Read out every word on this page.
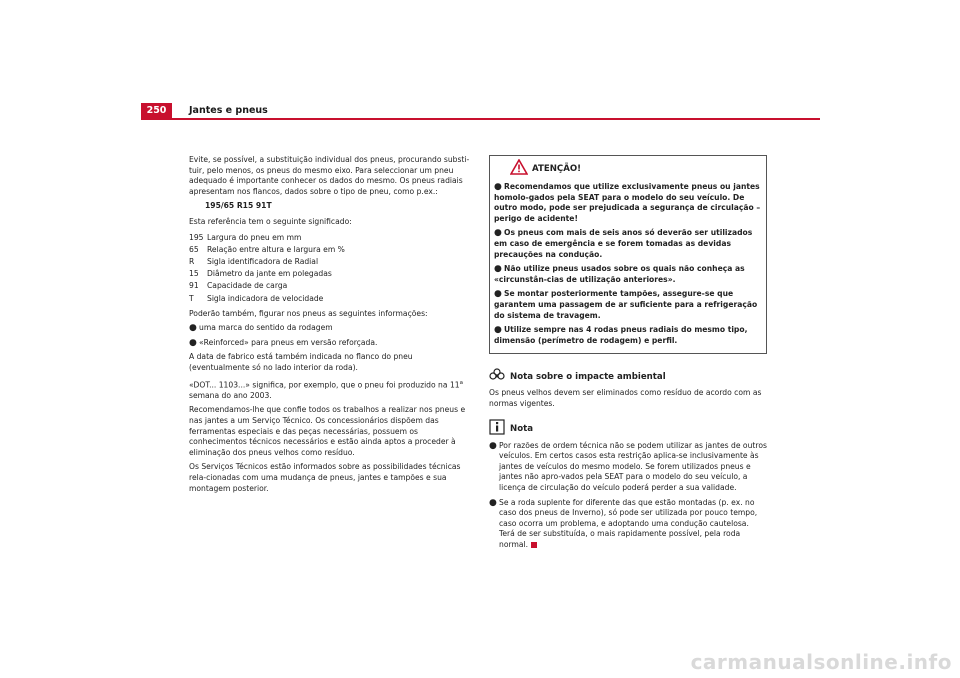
250	Jantes e pneus

Evite, se possível, a substituição individual dos pneus, procurando substi-tuir, pelo menos, os pneus do mesmo eixo. Para seleccionar um pneu adequado é importante conhecer os dados do mesmo. Os pneus radiais apresentam nos flancos, dados sobre o tipo de pneu, como p.ex.:

195/65 R15 91T

Esta referência tem o seguinte significado:

195 Largura do pneu em mm
65	Relação entre altura e largura em %
R	Sigla identificadora de Radial
15	Diâmetro da jante em polegadas
91	Capacidade de carga
T	Sigla indicadora de velocidade

Poderão também, figurar nos pneus as seguintes informações:

● uma marca do sentido da rodagem
● «Reinforced» para pneus em versão reforçada.

A data de fabrico está também indicada no flanco do pneu (eventualmente só no lado interior da roda).

«DOT... 1103...» significa, por exemplo, que o pneu foi produzido na 11$^a$ semana do ano 2003.

Recomendamos-lhe que confie todos os trabalhos a realizar nos pneus e nas jantes a um Serviço Técnico. Os concessionários dispõem das ferramentas especiais e das peças necessárias, possuem os conhecimentos técnicos necessários e estão ainda aptos a proceder à eliminação dos pneus velhos como resíduo.

Os Serviços Técnicos estão informados sobre as possibilidades técnicas rela-cionadas com uma mudança de pneus, jantes e tampões e sua montagem posterior.

ATENÇÃO!
● Recomendamos que utilize exclusivamente pneus ou jantes homolo-gados pela SEAT para o modelo do seu veículo. De outro modo, pode ser prejudicada a segurança de circulação – perigo de acidente!
● Os pneus com mais de seis anos só deverão ser utilizados em caso de emergência e se forem tomadas as devidas precauções na condução.
● Não utilize pneus usados sobre os quais não conheça as «circunstân-cias de utilização anteriores».
● Se montar posteriormente tampões, assegure-se que garantem uma passagem de ar suficiente para a refrigeração do sistema de travagem.
● Utilize sempre nas 4 rodas pneus radiais do mesmo tipo, dimensão (perímetro de rodagem) e perfil.
Nota sobre o impacte ambiental

Os pneus velhos devem ser eliminados como resíduo de acordo com as normas vigentes.

Nota
● Por razões de ordem técnica não se podem utilizar as jantes de outros veículos. Em certos casos esta restrição aplica-se inclusivamente às jantes de veículos do mesmo modelo. Se forem utilizados pneus e jantes não apro-vados pela SEAT para o modelo do seu veículo, a licença de circulação do veículo poderá perder a sua validade.
● Se a roda suplente for diferente das que estão montadas (p. ex. no caso dos pneus de Inverno), só pode ser utilizada por pouco tempo, caso ocorra um problema, e adoptando uma condução cautelosa. Terá de ser substituída, o mais rapidamente possível, pela roda normal.
carmanualsonline.info
